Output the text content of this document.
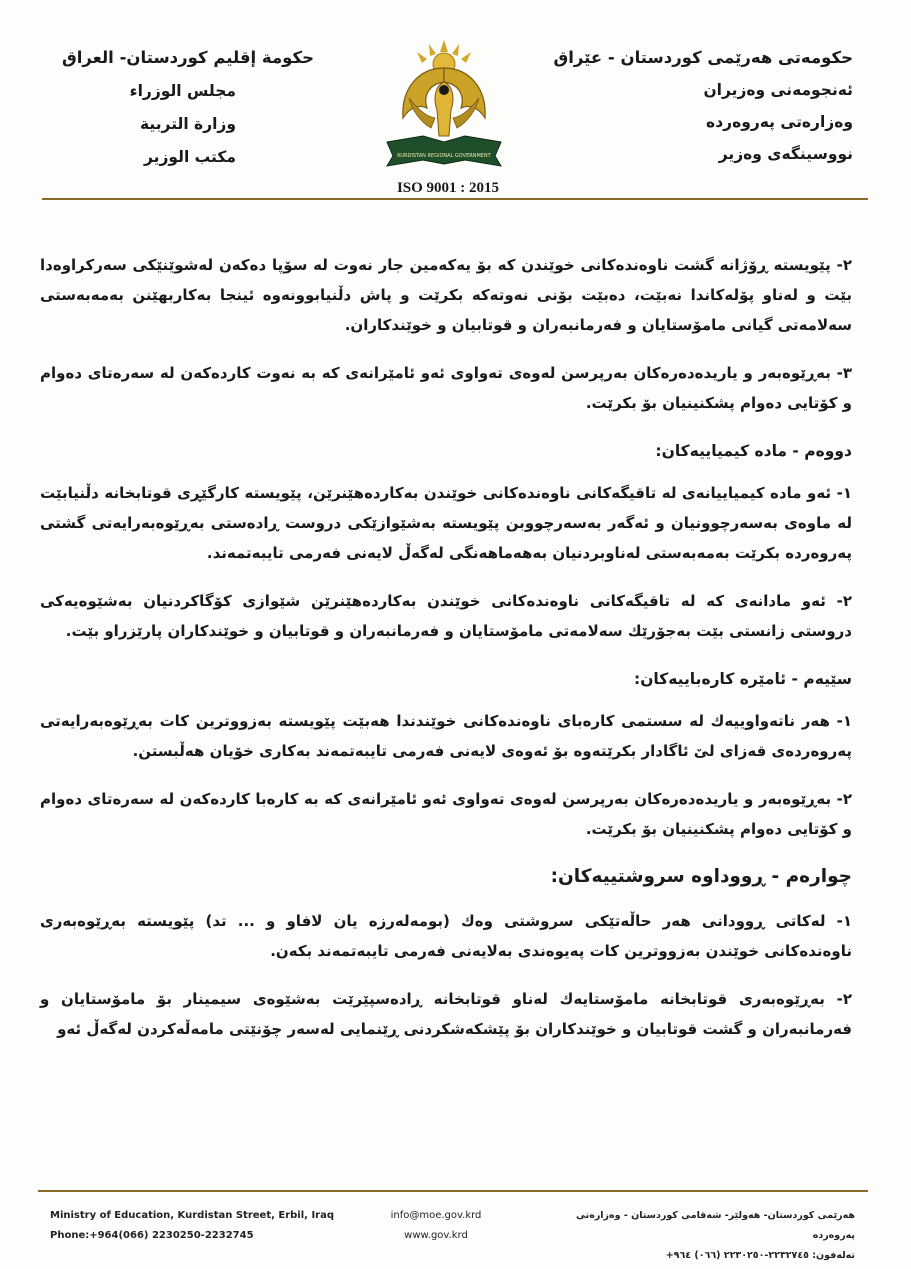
حكومەتی هەرێمی كوردستان - عێراق
ئەنجومەنی وەزیران
وەزارەتی پەروەردە
نووسینگەی وەزیر
حكومة إقليم كوردستان- العراق
مجلس الوزراء
وزارة التربية
مكتب الوزير	KURDISTAN REGIONAL GOVERNMENT
ISO 9001 : 2015

٢- پێویستە ڕۆژانە گشت ناوەندەكانی خوێندن كە بۆ یەكەمین جار نەوت لە سۆپا دەكەن لەشوێنێكی سەركراوەدا بێت و لەناو پۆلەكاندا نەبێت، دەبێت بۆنی نەوتەكە بكرێت و پاش دڵنیابوونەوە ئینجا بەكاربهێنن بەمەبەستی سەلامەتی گیانی مامۆستایان و فەرمانبەران و قوتابیان و خوێندكاران.

٣- بەڕێوەبەر و یاریدەدەرەكان بەرپرسن لەوەی تەواوی ئەو ئامێرانەی كە بە نەوت كاردەكەن لە سەرەتای دەوام و كۆتایی دەوام پشكنینیان بۆ بكرێت.

دووەم - مادە كیمیاییەكان:

١- ئەو مادە كیمیاییانەی لە تاقیگەكانی ناوەندەكانی خوێندن بەكاردەهێنرێن، پێویستە كارگێڕی قوتابخانە دڵنیابێت لە ماوەی بەسەرچوونیان و ئەگەر بەسەرچووبن پێویستە بەشێوازێكی دروست ڕادەستی بەڕێوەبەرایەتی گشتی پەروەردە بكرێت بەمەبەستی لەناوبردنیان بەهەماهەنگی لەگەڵ لایەنی فەرمی تایبەتمەند.

٢- ئەو مادانەی كە لە تاقیگەكانی ناوەندەكانی خوێندن بەكاردەهێنرێن شێوازی كۆگاكردنیان بەشێوەیەكی دروستی زانستی بێت بەجۆرێك سەلامەتی مامۆستایان و فەرمانبەران و قوتابیان و خوێندكاران پارێزراو بێت.

سێیەم - ئامێرە كارەباییەكان:

١- هەر ناتەواوییەك لە سستمی كارەبای ناوەندەكانی خوێندندا هەبێت پێویستە بەزووترین كات بەڕێوەبەرایەتی پەروەردەی قەزای لێ ئاگادار بكرێتەوە بۆ ئەوەی لایەنی فەرمی تایبەتمەند بەكاری خۆیان هەڵبستن.

٢- بەڕێوەبەر و یاریدەدەرەكان بەرپرسن لەوەی تەواوی ئەو ئامێرانەی كە بە كارەبا كاردەكەن لە سەرەتای دەوام و كۆتایی دەوام پشكنینیان بۆ بكرێت.

چوارەم - ڕووداوە سروشتییەكان:

١- لەكاتی ڕوودانی هەر حاڵەتێكی سروشتی وەك (بومەلەرزە یان لافاو و ... تد) پێویستە بەڕێوەبەری ناوەندەكانی خوێندن بەزووترین كات پەیوەندی بەلایەنی فەرمی تایبەتمەند بكەن.

٢- بەڕێوەبەری قوتابخانە مامۆستایەك لەناو قوتابخانە ڕادەسپێرێت بەشێوەی سیمینار بۆ مامۆستایان و فەرمانبەران و گشت قوتابیان و خوێندكاران بۆ پێشكەشكردنی ڕێنمایی لەسەر چۆنێتی مامەڵەكردن لەگەڵ ئەو

Ministry of Education, Kurdistan Street, Erbil, Iraq
Phone:+964(066) 2230250-2232745
info@moe.gov.krd
www.gov.krd
هەرێمی كوردستان- هەولێر- شەقامی كوردستان - وەزارەتی پەروەردە
تەلەفون: ٢٢٣٢٧٤٥-٢٢٣٠٢٥٠ (٠٦٦) ٩٦٤+
